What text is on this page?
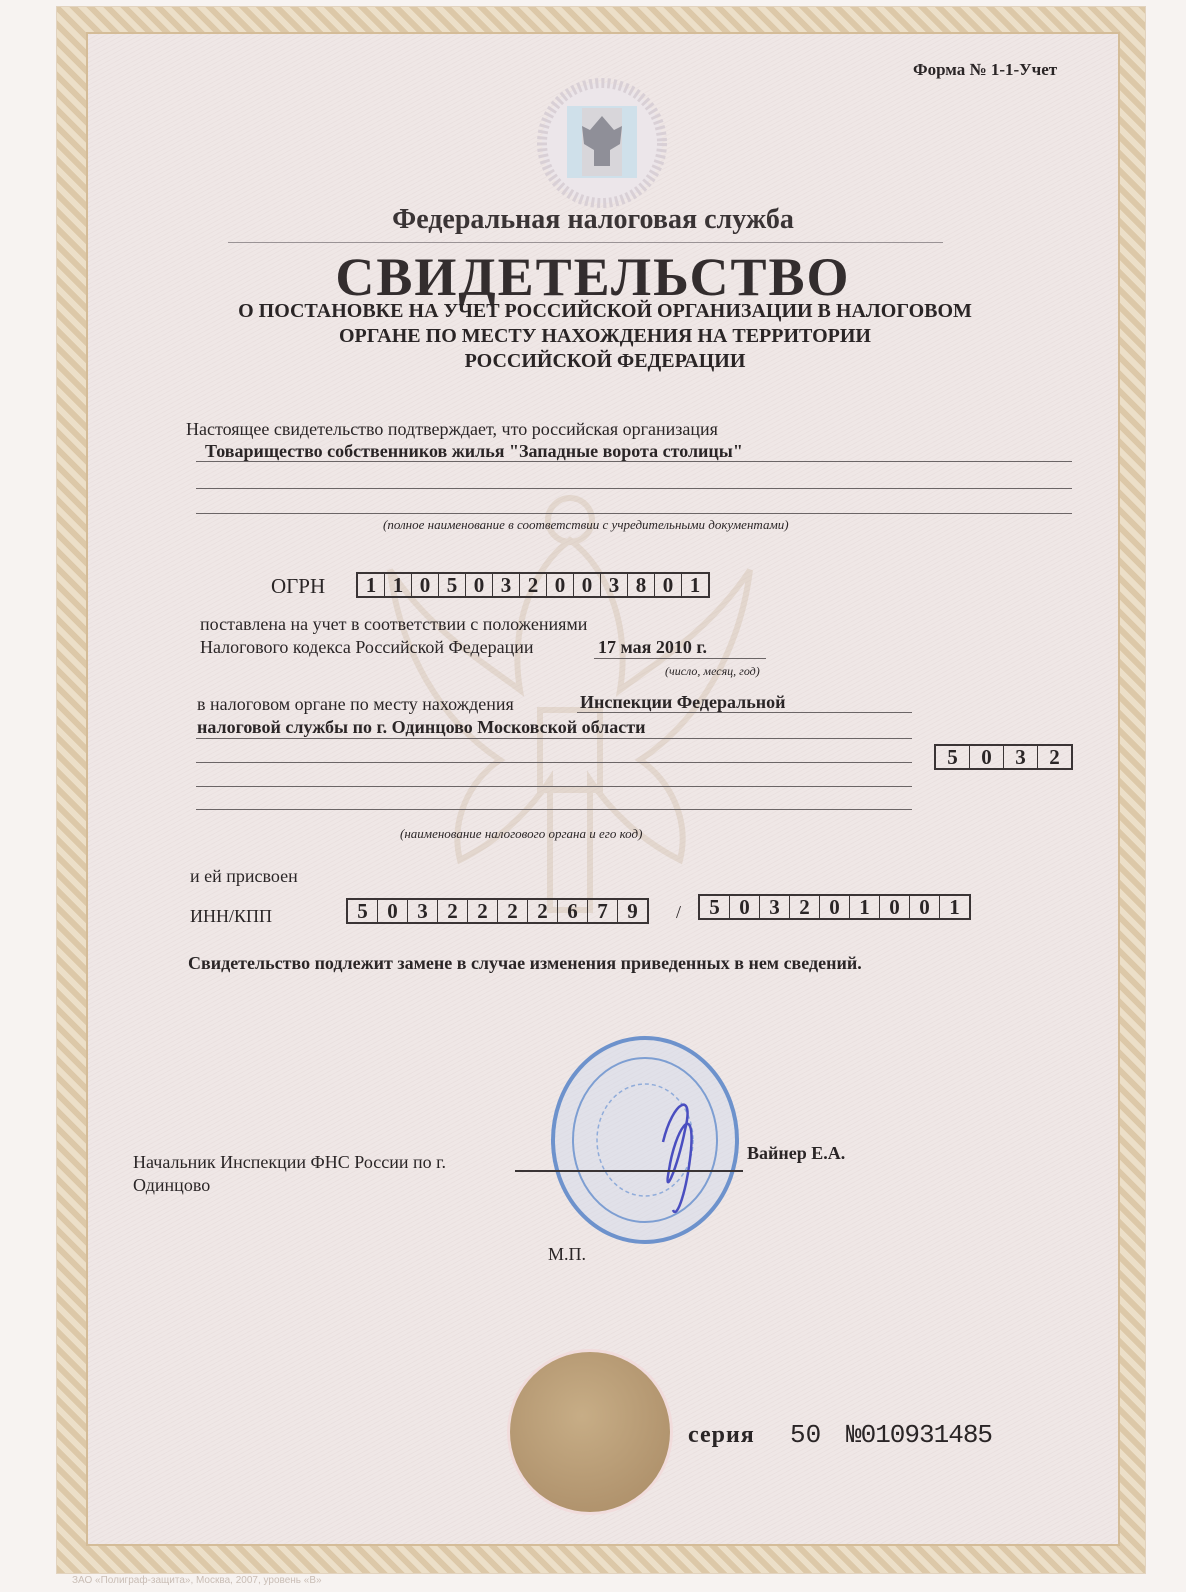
Форма № 1-1-Учет
Федеральная налоговая служба
СВИДЕТЕЛЬСТВО
О ПОСТАНОВКЕ НА УЧЕТ РОССИЙСКОЙ ОРГАНИЗАЦИИ В НАЛОГОВОМ
ОРГАНЕ ПО МЕСТУ НАХОЖДЕНИЯ НА ТЕРРИТОРИИ
РОССИЙСКОЙ ФЕДЕРАЦИИ
Настоящее свидетельство подтверждает, что российская организация
Товарищество собственников жилья "Западные ворота столицы"
(полное наименование в соответствии с учредительными документами)
ОГРН	1 1 0 5 0 3 2 0 0 3 8 0 1
поставлена на учет в соответствии с положениями
Налогового кодекса Российской Федерации	17 мая 2010 г.
(число, месяц, год)
в налоговом органе по месту нахождения	Инспекции Федеральной
налоговой службы по г. Одинцово Московской области
5	0	3	2
(наименование налогового органа и его код)
и ей присвоен
ИНН/КПП	5 0 3 2 2 2 2 6 7 9	/	5 0 3 2 0 1 0 0 1
Свидетельство подлежит замене в случае изменения приведенных в нем сведений.
Начальник Инспекции ФНС России по г.
Одинцово
Вайнер Е.А.
М.П.
серия 50 №010931485
ЗАО «Полиграф-защита», Москва, 2007, уровень «В»
